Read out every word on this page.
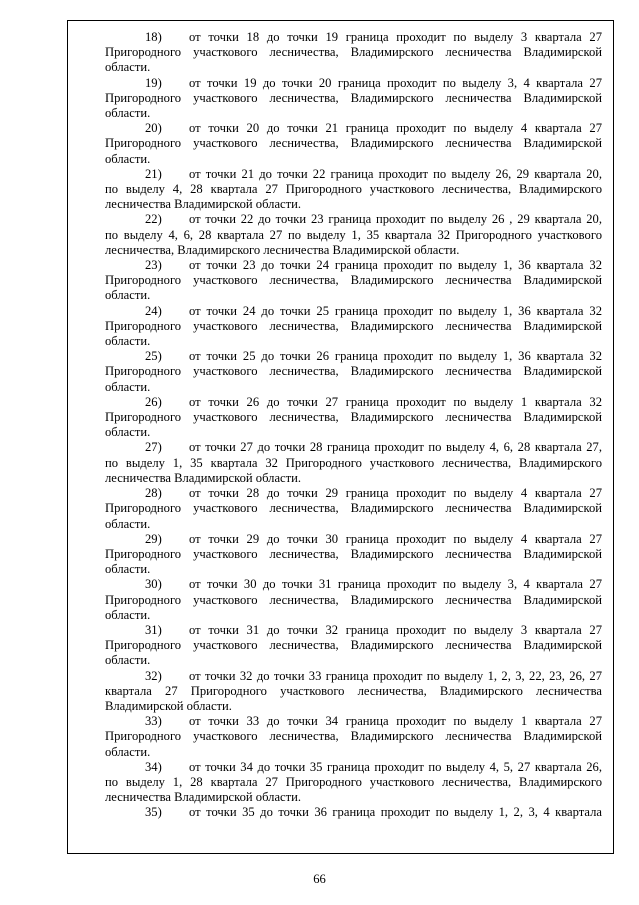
18) от точки 18 до точки 19 граница проходит по выделу 3 квартала 27
Пригородного участкового лесничества, Владимирского лесничества Владимирской
области.
19) от точки 19 до точки 20 граница проходит по выделу 3, 4 квартала 27
Пригородного участкового лесничества, Владимирского лесничества Владимирской
области.
20) от точки 20 до точки 21 граница проходит по выделу 4 квартала 27
Пригородного участкового лесничества, Владимирского лесничества Владимирской
области.
21) от точки 21 до точки 22 граница проходит по выделу 26, 29 квартала 20,
по выделу 4, 28 квартала 27 Пригородного участкового лесничества, Владимирского
лесничества Владимирской области.
22) от точки 22 до точки 23 граница проходит по выделу 26 , 29 квартала 20,
по выделу 4, 6, 28 квартала 27 по выделу 1, 35 квартала 32 Пригородного участкового
лесничества, Владимирского лесничества Владимирской области.
23) от точки 23 до точки 24 граница проходит по выделу 1, 36 квартала 32
Пригородного участкового лесничества, Владимирского лесничества Владимирской
области.
24) от точки 24 до точки 25 граница проходит по выделу 1, 36 квартала 32
Пригородного участкового лесничества, Владимирского лесничества Владимирской
области.
25) от точки 25 до точки 26 граница проходит по выделу 1, 36 квартала 32
Пригородного участкового лесничества, Владимирского лесничества Владимирской
области.
26) от точки 26 до точки 27 граница проходит по выделу 1 квартала 32
Пригородного участкового лесничества, Владимирского лесничества Владимирской
области.
27) от точки 27 до точки 28 граница проходит по выделу 4, 6, 28 квартала 27,
по выделу 1, 35 квартала 32 Пригородного участкового лесничества, Владимирского
лесничества Владимирской области.
28) от точки 28 до точки 29 граница проходит по выделу 4 квартала 27
Пригородного участкового лесничества, Владимирского лесничества Владимирской
области.
29) от точки 29 до точки 30 граница проходит по выделу 4 квартала 27
Пригородного участкового лесничества, Владимирского лесничества Владимирской
области.
30) от точки 30 до точки 31 граница проходит по выделу 3, 4 квартала 27
Пригородного участкового лесничества, Владимирского лесничества Владимирской
области.
31) от точки 31 до точки 32 граница проходит по выделу 3 квартала 27
Пригородного участкового лесничества, Владимирского лесничества Владимирской
области.
32) от точки 32 до точки 33 граница проходит по выделу 1, 2, 3, 22, 23, 26, 27
квартала 27 Пригородного участкового лесничества, Владимирского лесничества
Владимирской области.
33) от точки 33 до точки 34 граница проходит по выделу 1 квартала 27
Пригородного участкового лесничества, Владимирского лесничества Владимирской
области.
34) от точки 34 до точки 35 граница проходит по выделу 4, 5, 27 квартала 26,
по выделу 1, 28 квартала 27 Пригородного участкового лесничества, Владимирского
лесничества Владимирской области.
35) от точки 35 до точки 36 граница проходит по выделу 1, 2, 3, 4 квартала
66
